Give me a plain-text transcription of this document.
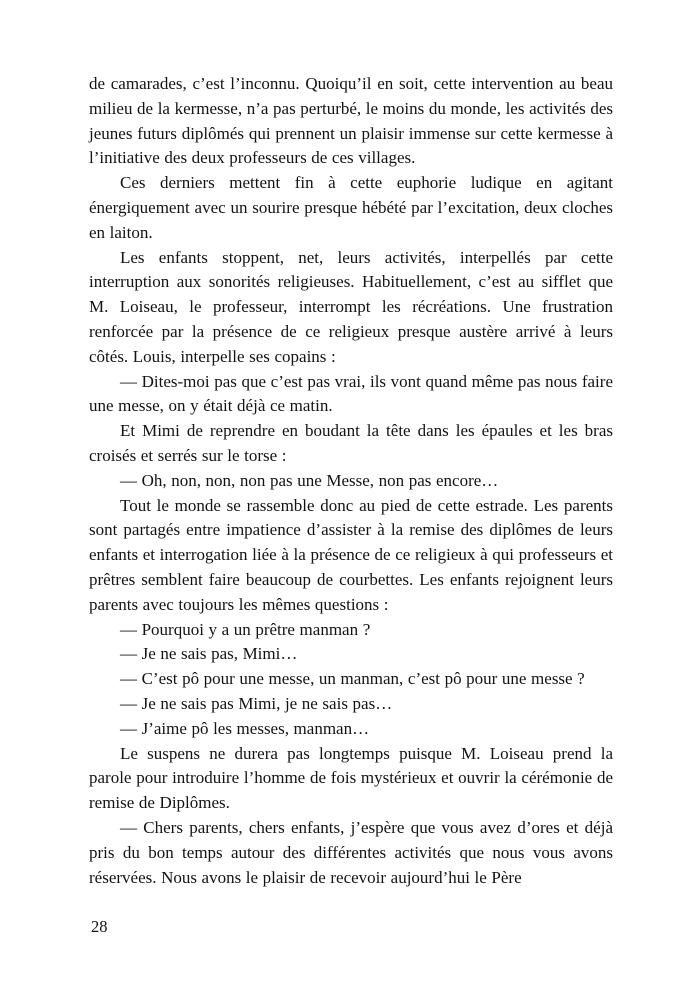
de camarades, c’est l’inconnu. Quoiqu’il en soit, cette intervention au beau milieu de la kermesse, n’a pas perturbé, le moins du monde, les activités des jeunes futurs diplômés qui prennent un plaisir immense sur cette kermesse à l’initiative des deux professeurs de ces villages.

Ces derniers mettent fin à cette euphorie ludique en agitant énergiquement avec un sourire presque hébété par l’excitation, deux cloches en laiton.

Les enfants stoppent, net, leurs activités, interpellés par cette interruption aux sonorités religieuses. Habituellement, c’est au sifflet que M. Loiseau, le professeur, interrompt les récréations. Une frustration renforcée par la présence de ce religieux presque austère arrivé à leurs côtés. Louis, interpelle ses copains :

— Dites-moi pas que c’est pas vrai, ils vont quand même pas nous faire une messe, on y était déjà ce matin.

Et Mimi de reprendre en boudant la tête dans les épaules et les bras croisés et serrés sur le torse :

— Oh, non, non, non pas une Messe, non pas encore…

Tout le monde se rassemble donc au pied de cette estrade. Les parents sont partagés entre impatience d’assister à la remise des diplômes de leurs enfants et interrogation liée à la présence de ce religieux à qui professeurs et prêtres semblent faire beaucoup de courbettes. Les enfants rejoignent leurs parents avec toujours les mêmes questions :

— Pourquoi y a un prêtre manman ?

— Je ne sais pas, Mimi…

— C’est pô pour une messe, un manman, c’est pô pour une messe ?

— Je ne sais pas Mimi, je ne sais pas…

— J’aime pô les messes, manman…

Le suspens ne durera pas longtemps puisque M. Loiseau prend la parole pour introduire l’homme de fois mystérieux et ouvrir la cérémonie de remise de Diplômes.

— Chers parents, chers enfants, j’espère que vous avez d’ores et déjà pris du bon temps autour des différentes activités que nous vous avons réservées. Nous avons le plaisir de recevoir aujourd’hui le Père

28
